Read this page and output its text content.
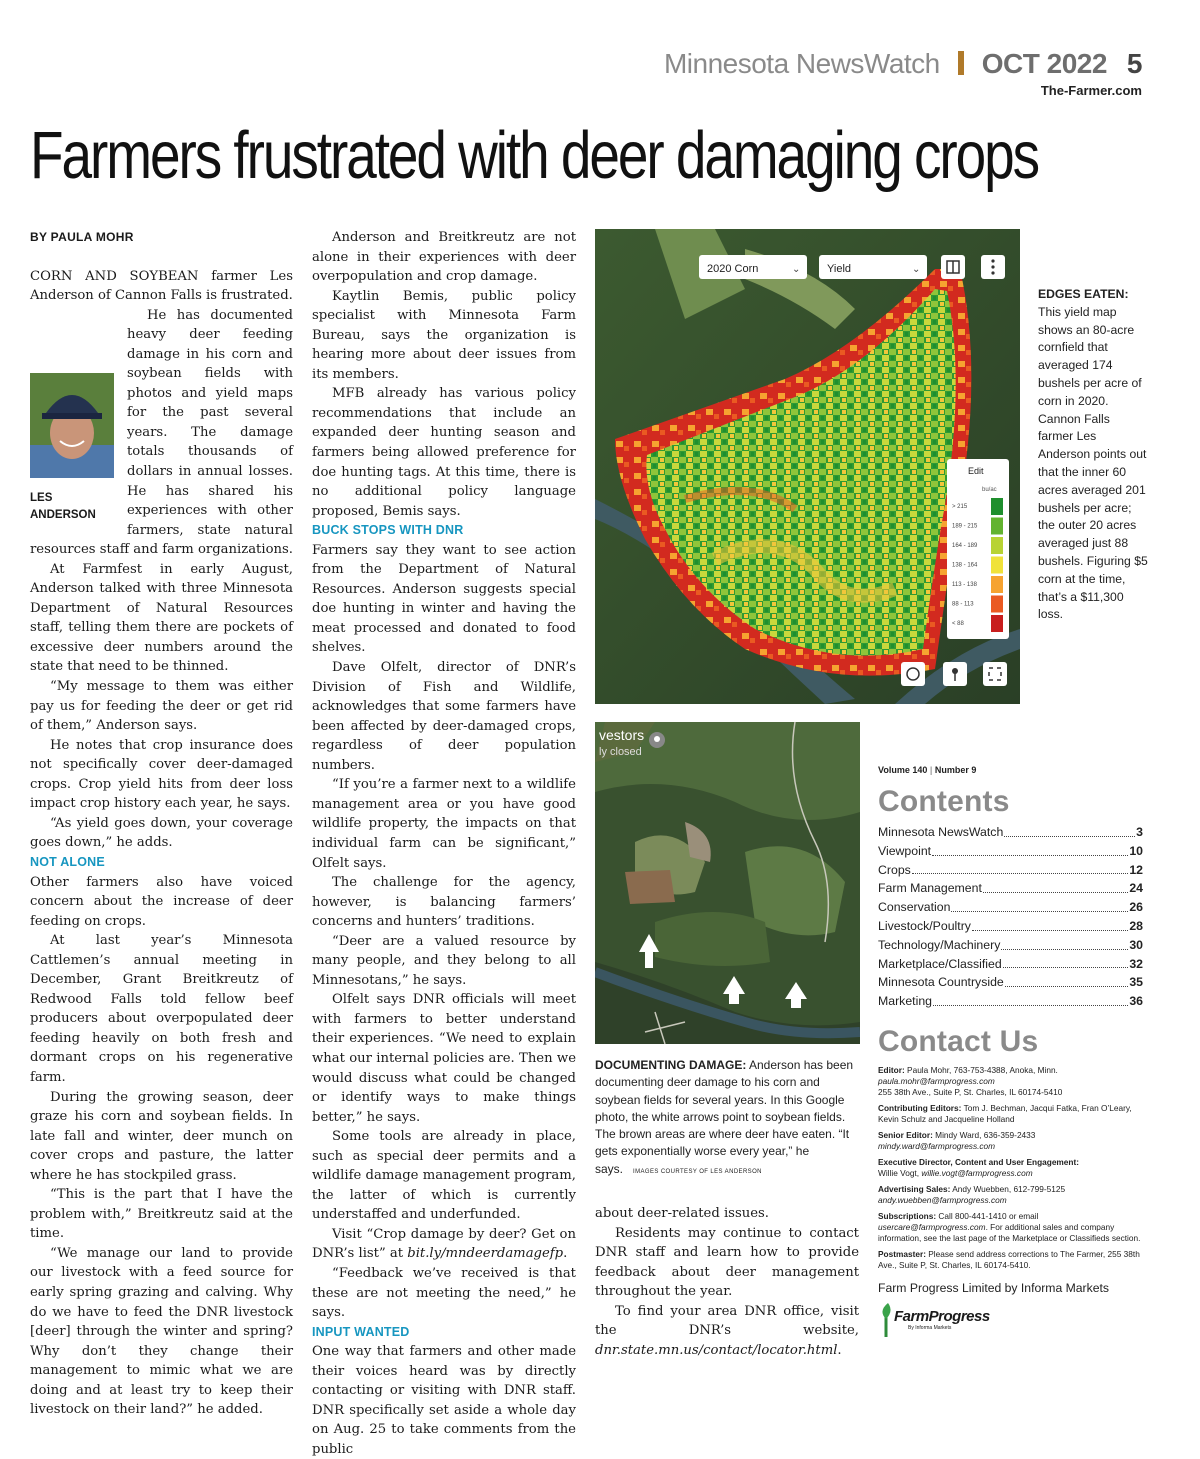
Minnesota NewsWatch OCT 2022 5
The-Farmer.com
Farmers frustrated with deer damaging crops

BY PAULA MOHR

CORN AND SOYBEAN farmer Les Anderson of Cannon Falls is frustrated.

He has documented heavy deer feeding damage in his corn and soybean fields with photos and yield maps for the past several years. The damage totals thousands of dollars in annual losses. He has shared his experiences with other farmers, state natural resources staff and farm organizations.

LES ANDERSON

At Farmfest in early August, Anderson talked with three Minnesota Department of Natural Resources staff, telling them there are pockets of excessive deer numbers around the state that need to be thinned.

“My message to them was either pay us for feeding the deer or get rid of them,” Anderson says.

He notes that crop insurance does not specifically cover deer-damaged crops. Crop yield hits from deer loss impact crop history each year, he says.

“As yield goes down, your coverage goes down,” he adds.

NOT ALONE

Other farmers also have voiced concern about the increase of deer feeding on crops.

At last year’s Minnesota Cattlemen’s annual meeting in December, Grant Breitkreutz of Redwood Falls told fellow beef producers about overpopulated deer feeding heavily on both fresh and dormant crops on his regenerative farm.

During the growing season, deer graze his corn and soybean fields. In late fall and winter, deer munch on cover crops and pasture, the latter where he has stockpiled grass.

“This is the part that I have the problem with,” Breitkreutz said at the time.

“We manage our land to provide our livestock with a feed source for early spring grazing and calving. Why do we have to feed the DNR livestock [deer] through the winter and spring? Why don’t they change their management to mimic what we are doing and at least try to keep their livestock on their land?” he added.

Anderson and Breitkreutz are not alone in their experiences with deer overpopulation and crop damage.

Kaytlin Bemis, public policy specialist with Minnesota Farm Bureau, says the organization is hearing more about deer issues from its members.

MFB already has various policy recommendations that include an expanded deer hunting season and farmers being allowed preference for doe hunting tags. At this time, there is no additional policy language proposed, Bemis says.

BUCK STOPS WITH DNR

Farmers say they want to see action from the Department of Natural Resources. Anderson suggests special doe hunting in winter and having the meat processed and donated to food shelves.

Dave Olfelt, director of DNR’s Division of Fish and Wildlife, acknowledges that some farmers have been affected by deer-damaged crops, regardless of deer population numbers.

“If you’re a farmer next to a wildlife management area or you have good wildlife property, the impacts on that individual farm can be significant,” Olfelt says.

The challenge for the agency, however, is balancing farmers’ concerns and hunters’ traditions.

“Deer are a valued resource by many people, and they belong to all Minnesotans,” he says.

Olfelt says DNR officials will meet with farmers to better understand their experiences. “We need to explain what our internal policies are. Then we would discuss what could be changed or identify ways to make things better,” he says.

Some tools are already in place, such as special deer permits and a wildlife damage management program, the latter of which is currently understaffed and underfunded.

Visit “Crop damage by deer? Get on DNR’s list” at bit.ly/mndeerdamagefp.

“Feedback we’ve received is that these are not meeting the need,” he says.

INPUT WANTED

One way that farmers and other made their voices heard was by directly contacting or visiting with DNR staff. DNR specifically set aside a whole day on Aug. 25 to take comments from the public

2020 Corn	⌄ Yield	⌄
Edit
bu/ac
> 215
189 - 215
164 - 189
138 - 164
113 - 138
88 - 113
< 88
EDGES EATEN:
This yield map shows an 80-acre cornfield that averaged 174 bushels per acre of corn in 2020. Cannon Falls farmer Les Anderson points out that the inner 60 acres averaged 201 bushels per acre; the outer 20 acres averaged just 88 bushels. Figuring $5 corn at the time, that’s a $11,300 loss.
vestors
ly closed
DOCUMENTING DAMAGE: Anderson has been documenting deer damage to his corn and soybean fields for several years. In this Google photo, the white arrows point to soybean fields. The brown areas are where deer have eaten. “It gets exponentially worse every year,” he says. IMAGES COURTESY OF LES ANDERSON

about deer-related issues.

Residents may continue to contact DNR staff and learn how to provide feedback about deer management throughout the year.

To find your area DNR office, visit the DNR’s website, dnr.state.mn.us/contact/locator.html.

Volume 140 | Number 9
Contents
Minnesota NewsWatch	3
Viewpoint	10
Crops	12
Farm Management	24
Conservation	26
Livestock/Poultry	28
Technology/Machinery	30
Marketplace/Classified	32
Minnesota Countryside	35
Marketing	36
Contact Us
Editor: Paula Mohr, 763-753-4388, Anoka, Minn.
paula.mohr@farmprogress.com
255 38th Ave., Suite P, St. Charles, IL 60174-5410
Contributing Editors: Tom J. Bechman, Jacqui Fatka, Fran O’Leary, Kevin Schulz and Jacqueline Holland
Senior Editor: Mindy Ward, 636-359-2433
mindy.ward@farmprogress.com
Executive Director, Content and User Engagement:
Willie Vogt, willie.vogt@farmprogress.com
Advertising Sales: Andy Wuebben, 612-799-5125
andy.wuebben@farmprogress.com
Subscriptions: Call 800-441-1410 or email usercare@farmprogress.com. For additional sales and company information, see the last page of the Marketplace or Classifieds section.
Postmaster: Please send address corrections to The Farmer, 255 38th Ave., Suite P, St. Charles, IL 60174-5410.
Farm Progress Limited by Informa Markets
FarmProgress
By Informa Markets
